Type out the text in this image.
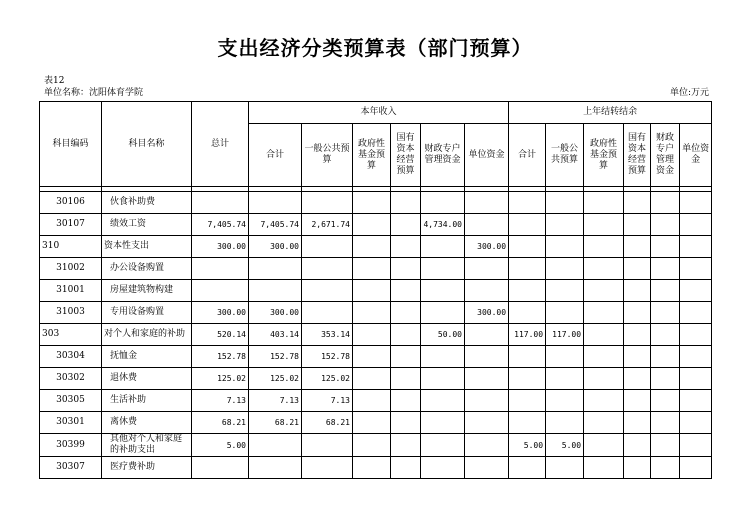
支出经济分类预算表（部门预算）
表12
单位名称：沈阳体育学院	单位:万元
科目编码	科目名称	总计	本年收入						上年结转结余					
			合计	一般公共预算	政府性基金预算	国有资本经营预算	财政专户管理资金	单位资金	合计	一般公共预算	政府性基金预算	国有资本经营预算	财政专户管理资金	单位资金

30106	伙食补助费													
30107	绩效工资	7,405.74	7,405.74	2,671.74			4,734.00							
310	资本性支出	300.00	300.00					300.00						
31002	办公设备购置													
31001	房屋建筑物构建													
31003	专用设备购置	300.00	300.00					300.00						
303	对个人和家庭的补助	520.14	403.14	353.14			50.00		117.00	117.00				
30304	抚恤金	152.78	152.78	152.78										
30302	退休费	125.02	125.02	125.02										
30305	生活补助	7.13	7.13	7.13										
30301	离休费	68.21	68.21	68.21										
30399	其他对个人和家庭的补助支出	5.00							5.00	5.00				
30307	医疗费补助													
